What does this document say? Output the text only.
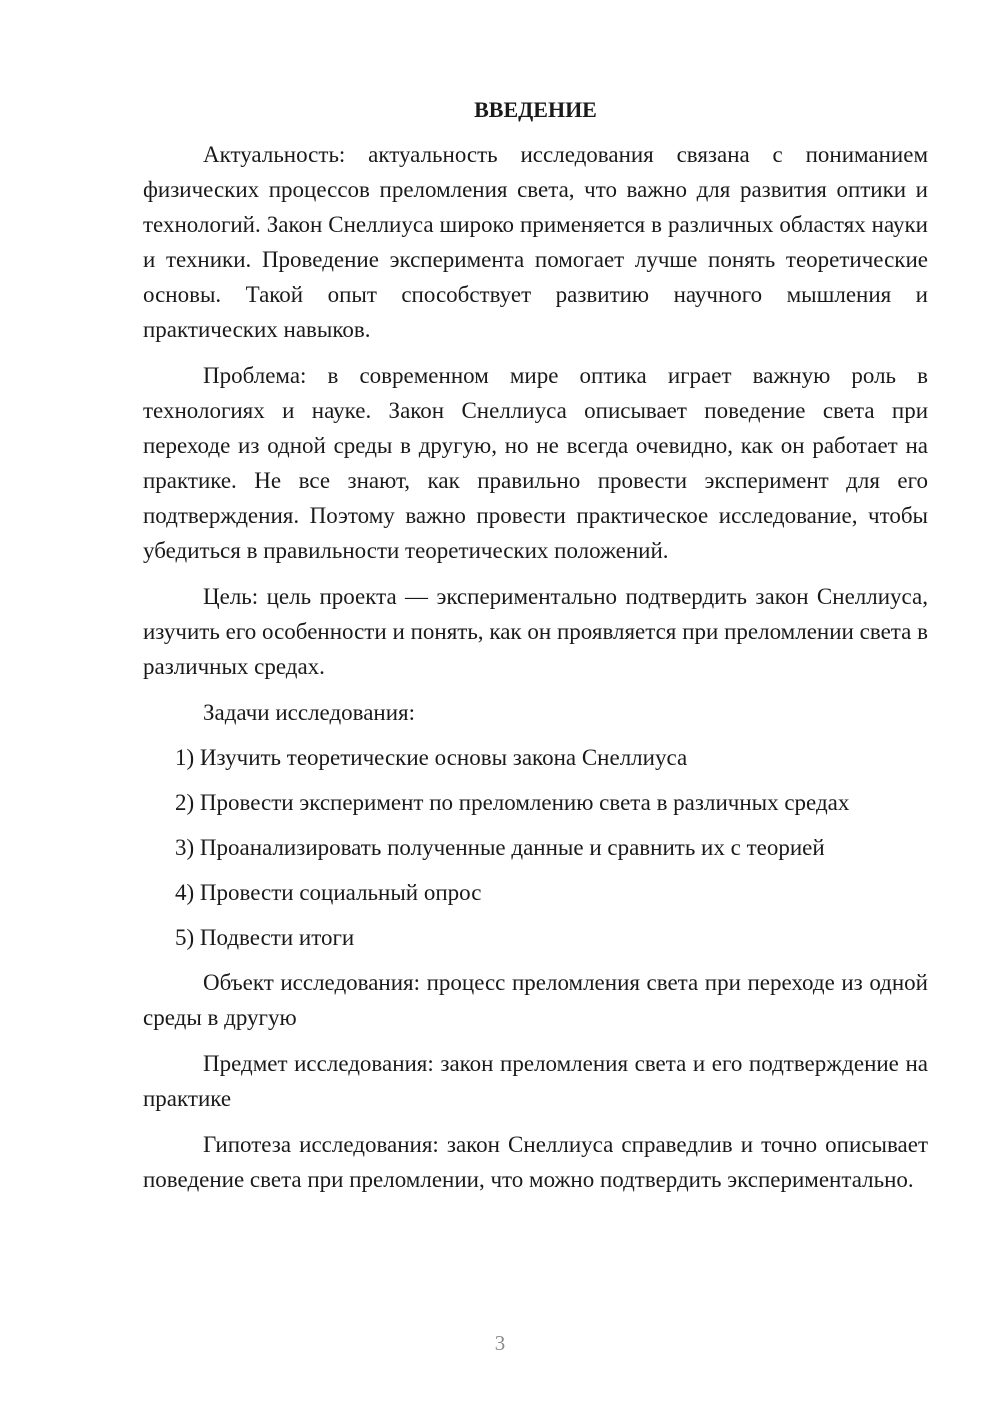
ВВЕДЕНИЕ

Актуальность: актуальность исследования связана с пониманием физических процессов преломления света, что важно для развития оптики и технологий. Закон Снеллиуса широко применяется в различных областях науки и техники. Проведение эксперимента помогает лучше понять теоретические основы. Такой опыт способствует развитию научного мышления и практических навыков.

Проблема: в современном мире оптика играет важную роль в технологиях и науке. Закон Снеллиуса описывает поведение света при переходе из одной среды в другую, но не всегда очевидно, как он работает на практике. Не все знают, как правильно провести эксперимент для его подтверждения. Поэтому важно провести практическое исследование, чтобы убедиться в правильности теоретических положений.

Цель: цель проекта — экспериментально подтвердить закон Снеллиуса, изучить его особенности и понять, как он проявляется при преломлении света в различных средах.

Задачи исследования:

1) Изучить теоретические основы закона Снеллиуса
2) Провести эксперимент по преломлению света в различных средах
3) Проанализировать полученные данные и сравнить их с теорией
4) Провести социальный опрос
5) Подвести итоги

Объект исследования: процесс преломления света при переходе из одной среды в другую

Предмет исследования: закон преломления света и его подтверждение на практике

Гипотеза исследования: закон Снеллиуса справедлив и точно описывает поведение света при преломлении, что можно подтвердить экспериментально.

3
